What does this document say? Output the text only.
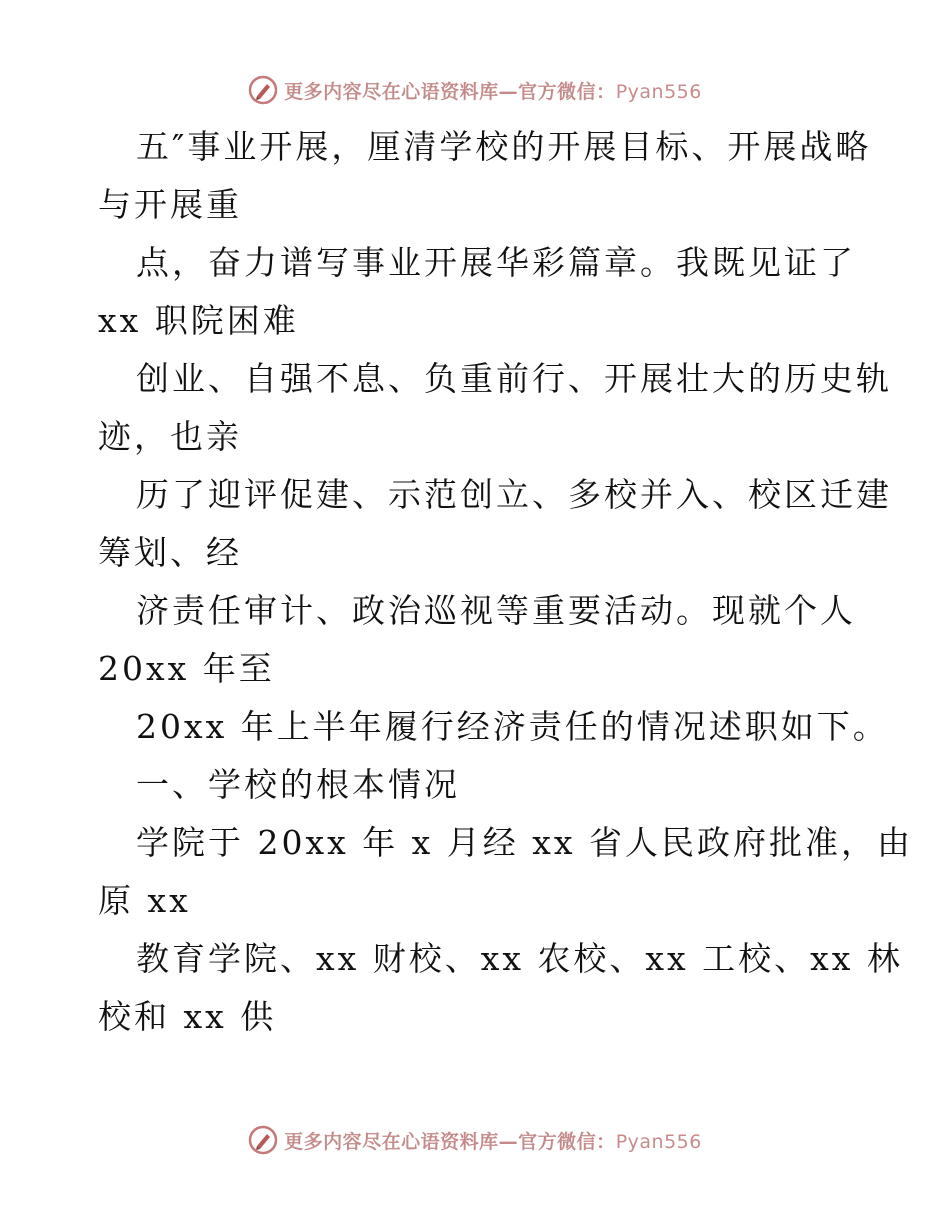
更多内容尽在心语资料库—官方微信：Pyan556
五″事业开展，厘清学校的开展目标、开展战略
与开展重
点，奋力谱写事业开展华彩篇章。我既见证了
xx 职院困难
创业、自强不息、负重前行、开展壮大的历史轨
迹，也亲
历了迎评促建、示范创立、多校并入、校区迁建
筹划、经
济责任审计、政治巡视等重要活动。现就个人
20xx 年至
20xx 年上半年履行经济责任的情况述职如下。
一、学校的根本情况
学院于 20xx 年 x 月经 xx 省人民政府批准，由
原 xx
教育学院、xx 财校、xx 农校、xx 工校、xx 林
校和 xx 供
更多内容尽在心语资料库—官方微信：Pyan556
